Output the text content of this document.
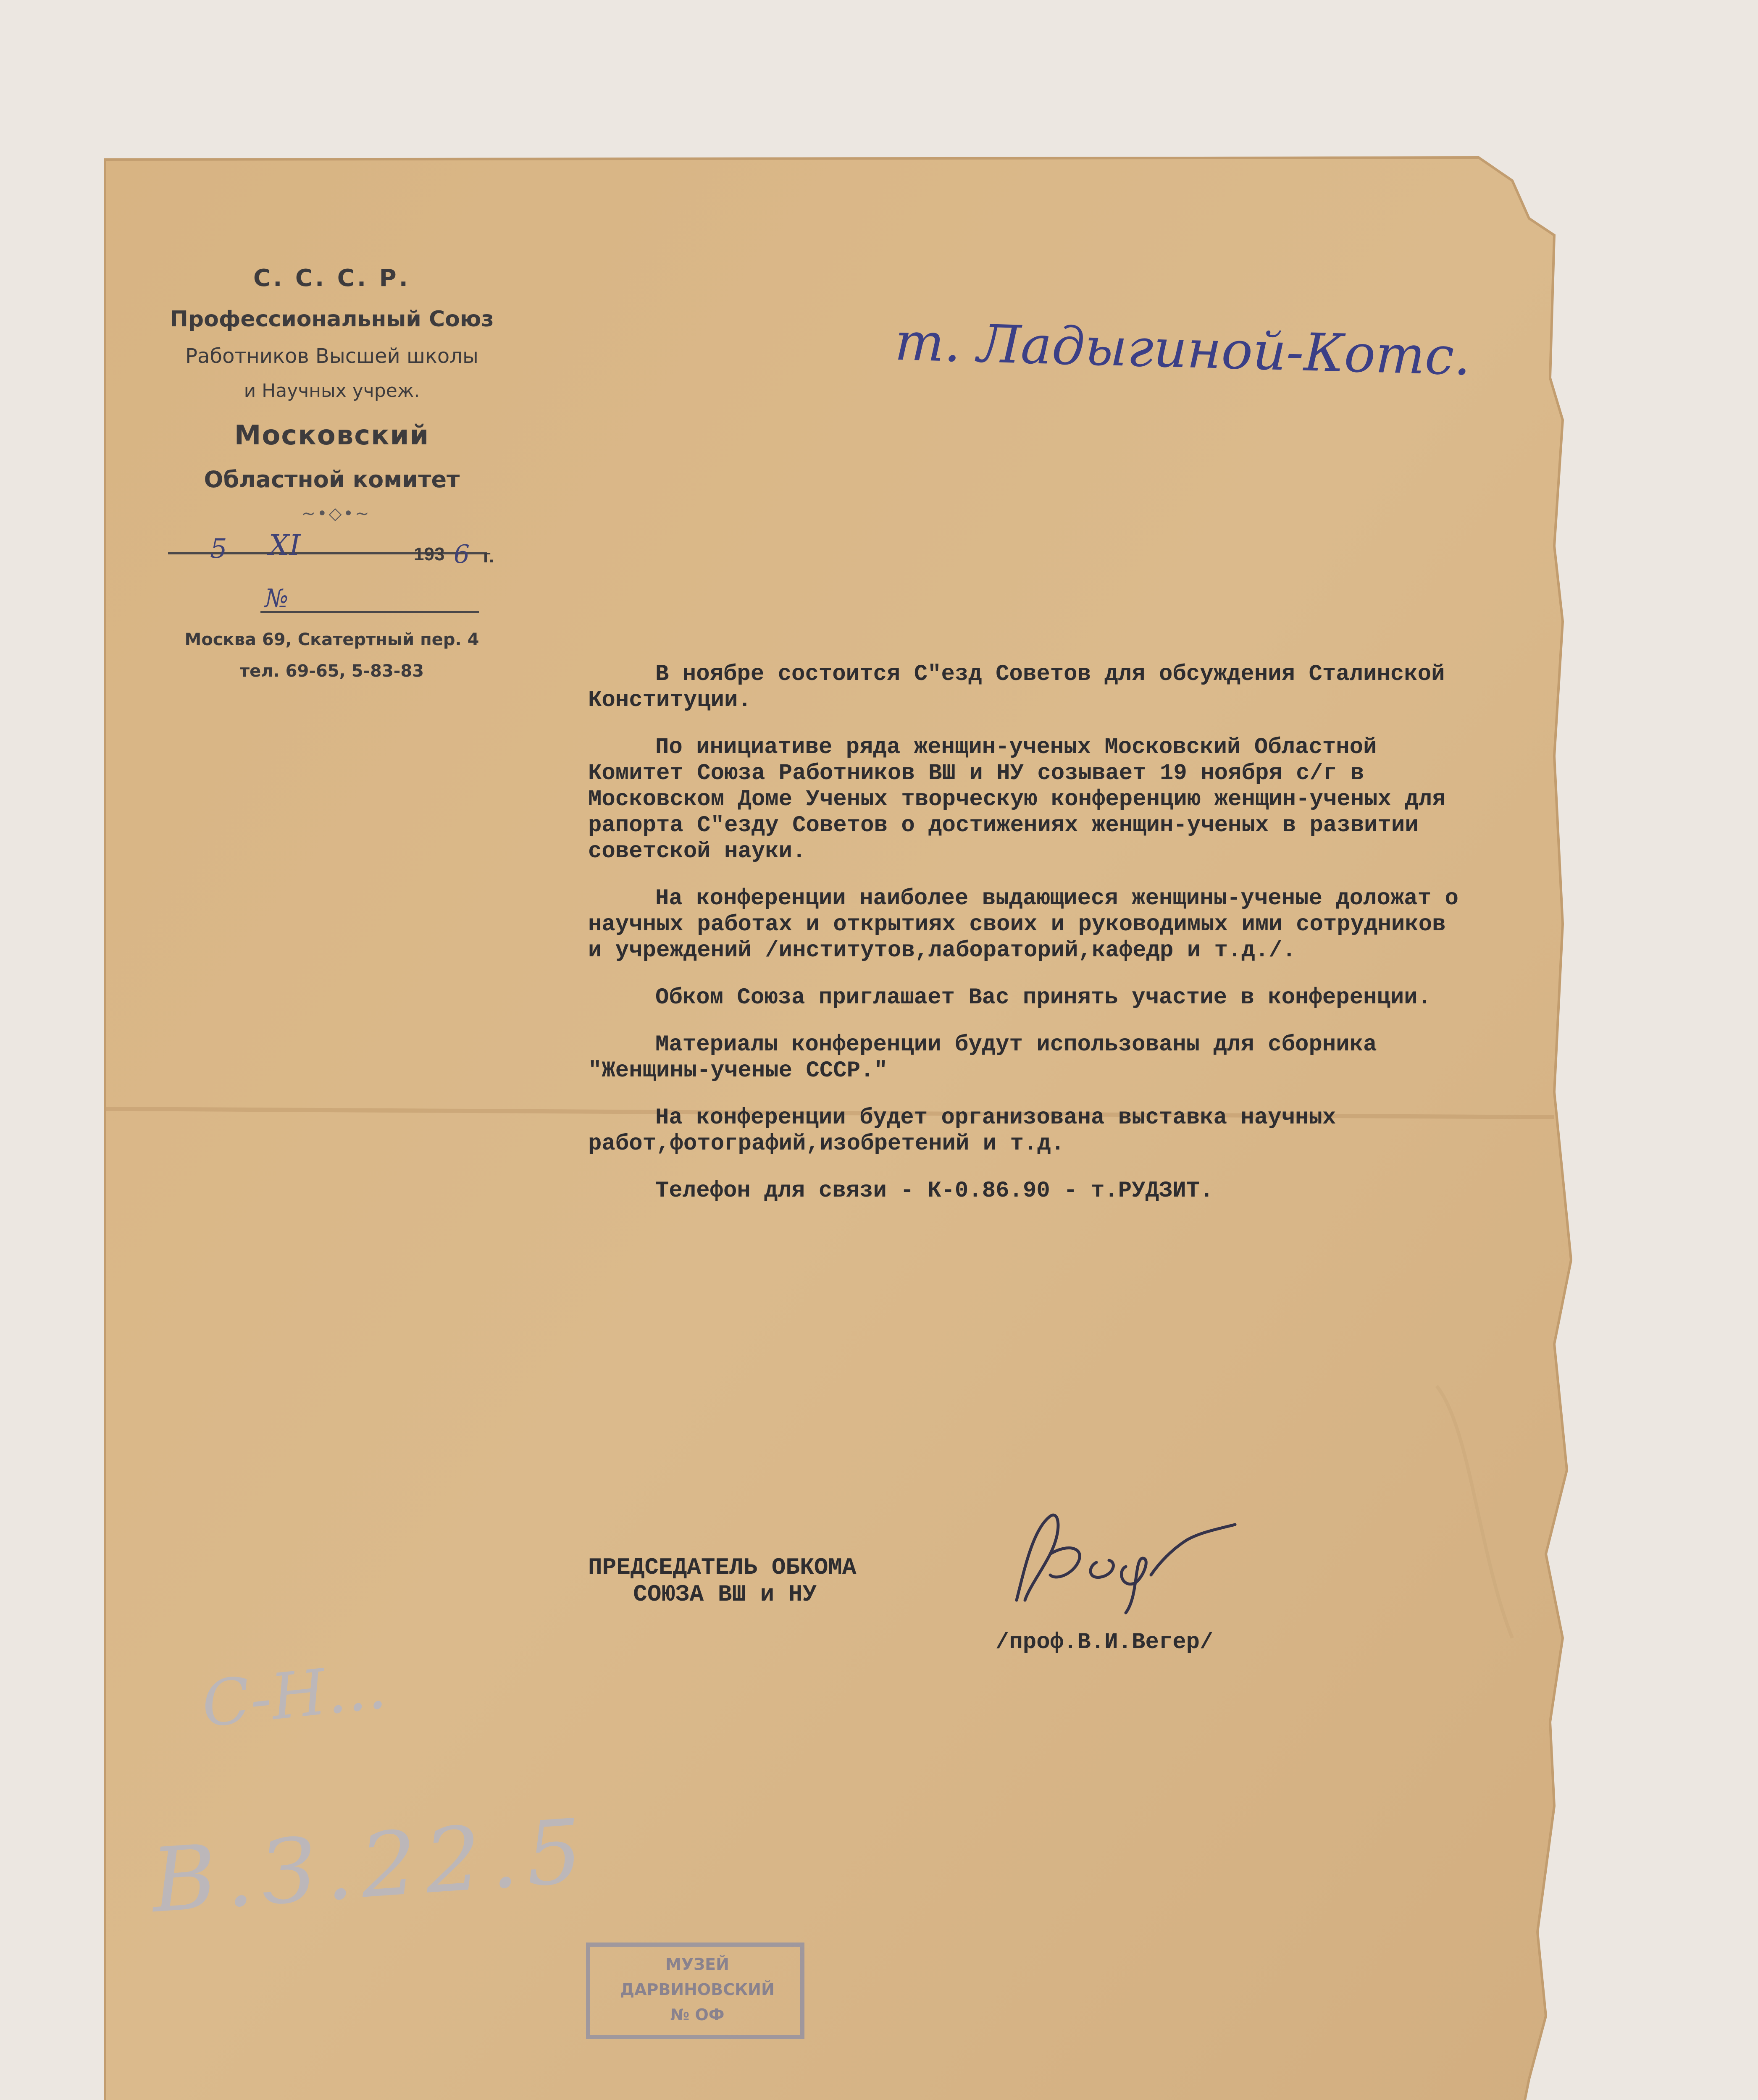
С. С. С. Р.
Профессиональный Союз
Работников Высшей школы
и Научных учреж.
Московский
Областной комитет
~•◇•~
5 XI	193 6 г.
№
Москва 69, Скатертный пер. 4
тел. 69-65, 5-83-83
т. Ладыгиной-Котс.

В ноябре состоится С"езд Советов для обсуждения Сталинской Конституции.

По инициативе ряда женщин-ученых Московский Областной Комитет Союза Работников ВШ и НУ созывает 19 ноября с/г в Московском Доме Ученых творческую конференцию женщин-ученых для рапорта С"езду Советов о достижениях женщин-ученых в развитии советской науки.

На конференции наиболее выдающиеся женщины-ученые доложат о научных работах и открытиях своих и руководимых ими сотрудников и учреждений /институтов,лабораторий,кафедр и т.д./.

Обком Союза приглашает Вас принять участие в конференции.

Материалы конференции будут использованы для сборника "Женщины-ученые СССР."

На конференции будет организована выставка научных работ,фотографий,изобретений и т.д.

Телефон для связи - К-0.86.90 - т.РУДЗИТ.

ПРЕДСЕДАТЕЛЬ ОБКОМА
СОЮЗА ВШ и НУ
/проф.В.И.Вегер/
С-Н...
В.З.22.5
МУЗЕЙ
ДАРВИНОВСКИЙ
№ ОФ
